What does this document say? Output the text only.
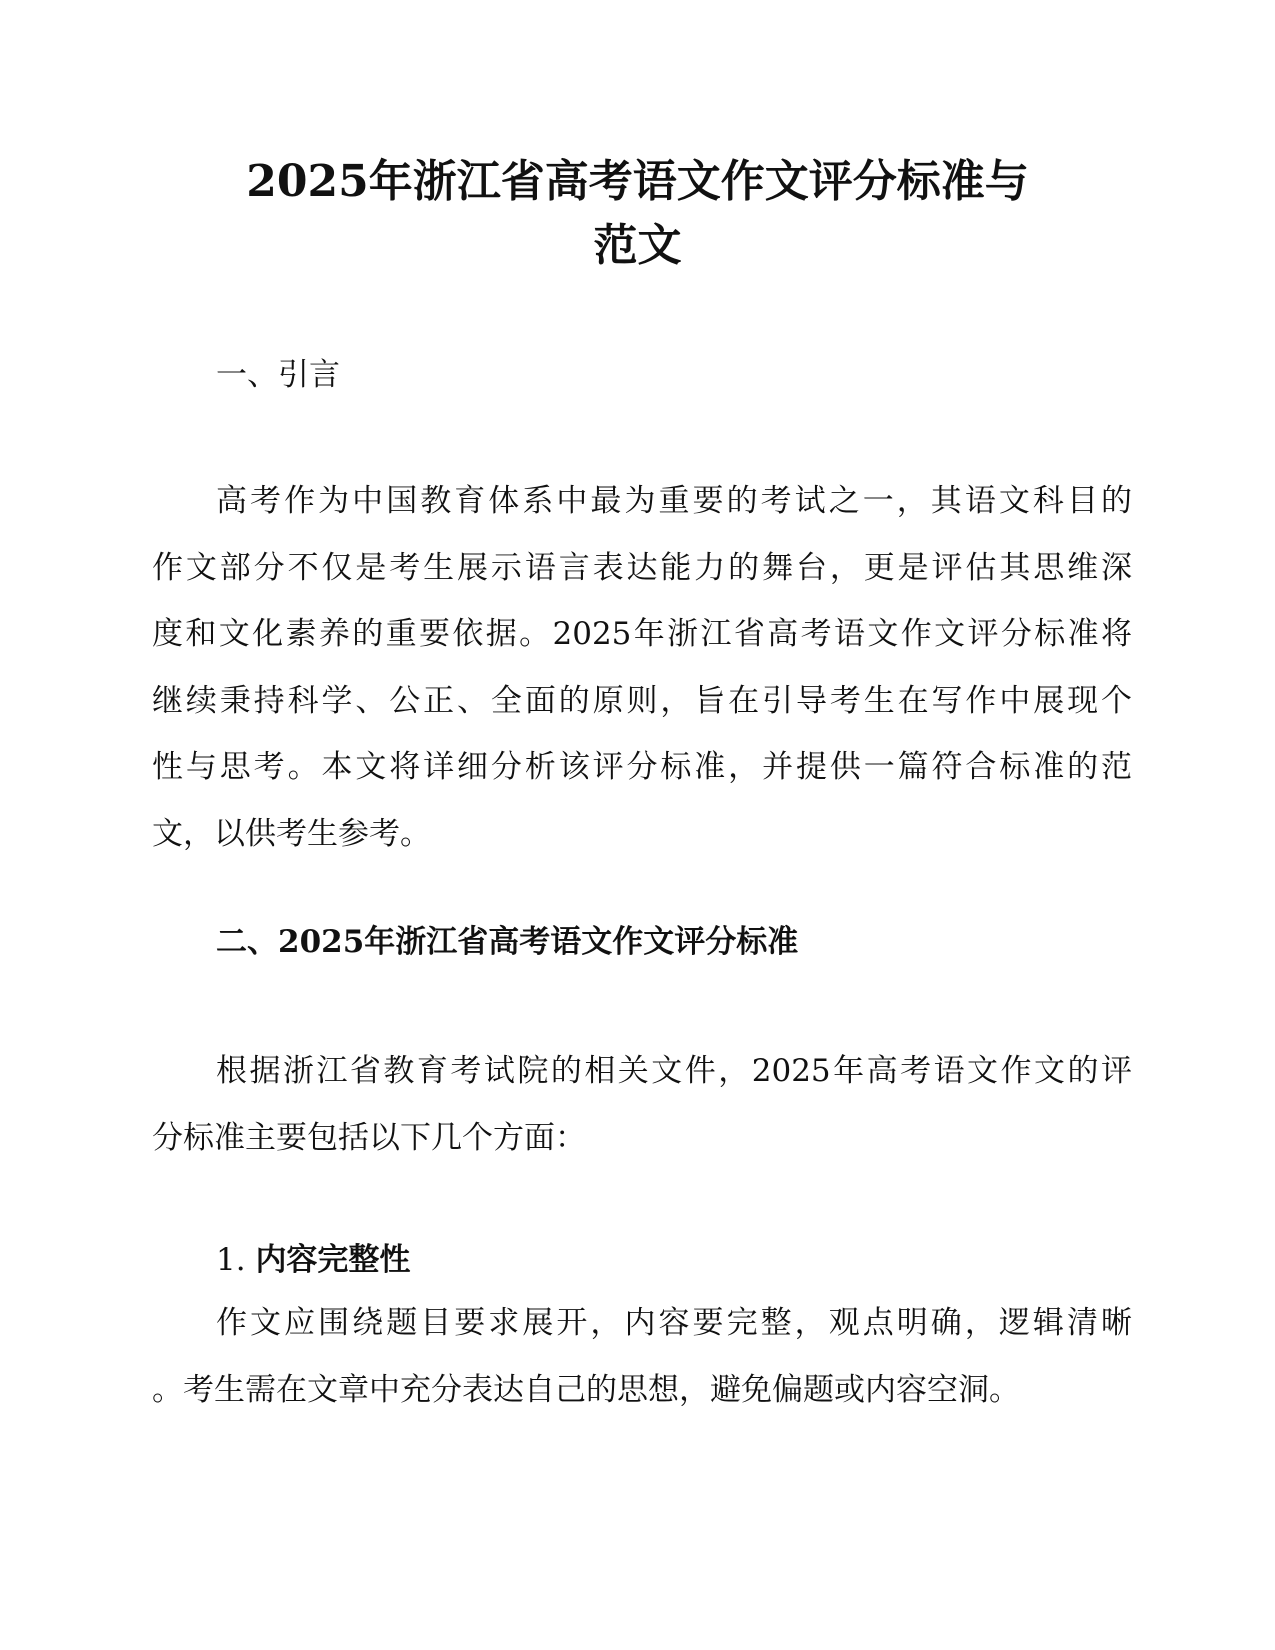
2025年浙江省高考语文作文评分标准与
范文
一、引言
高考作为中国教育体系中最为重要的考试之一，其语文科目的
作文部分不仅是考生展示语言表达能力的舞台，更是评估其思维深
度和文化素养的重要依据。2025年浙江省高考语文作文评分标准将
继续秉持科学、公正、全面的原则，旨在引导考生在写作中展现个
性与思考。本文将详细分析该评分标准，并提供一篇符合标准的范
文，以供考生参考。
二、2025年浙江省高考语文作文评分标准
根据浙江省教育考试院的相关文件，2025年高考语文作文的评
分标准主要包括以下几个方面：
1. 内容完整性
作文应围绕题目要求展开，内容要完整，观点明确，逻辑清晰
。考生需在文章中充分表达自己的思想，避免偏题或内容空洞。
